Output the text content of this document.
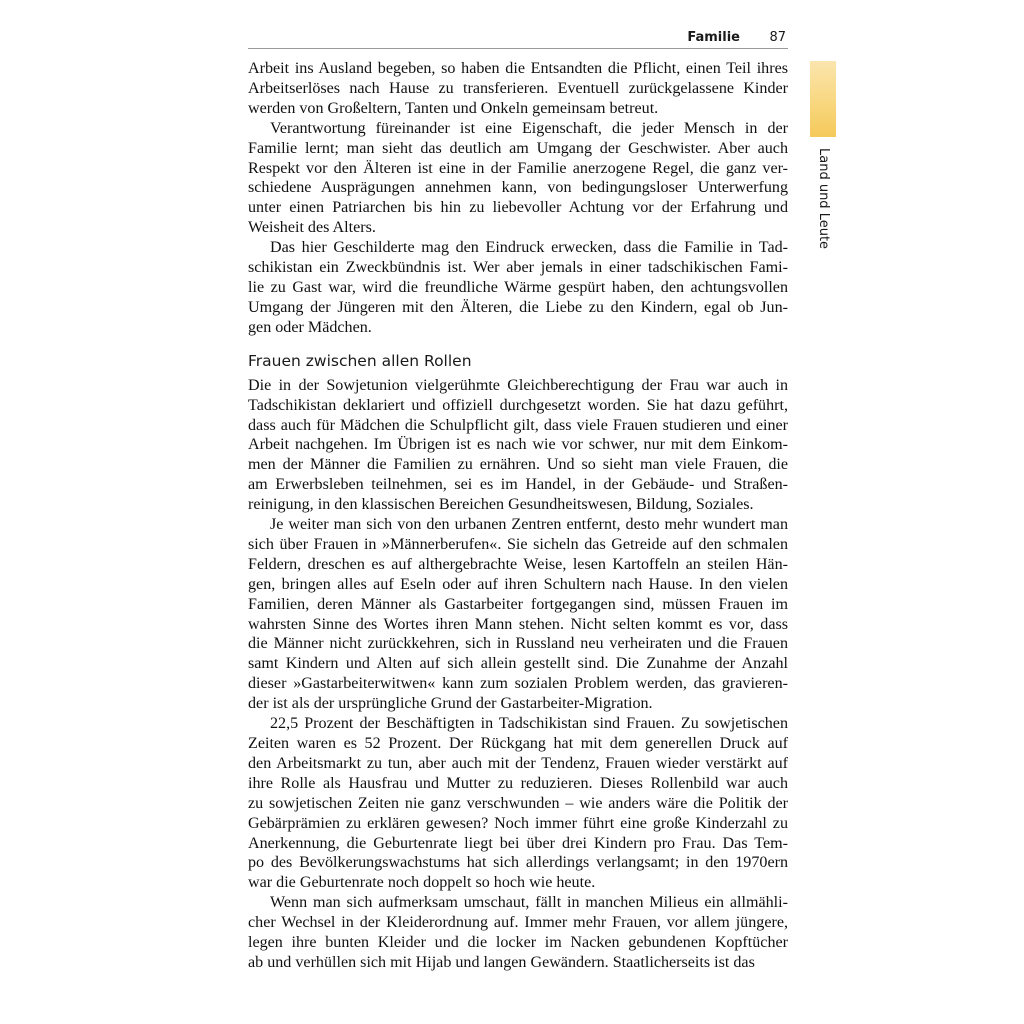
Familie 87
Land und Leute
Arbeit ins Ausland begeben, so haben die Entsandten die Pflicht, einen Teil ihres
Arbeitserlöses nach Hause zu transferieren. Eventuell zurückgelassene Kinder
werden von Großeltern, Tanten und Onkeln gemeinsam betreut.
Verantwortung füreinander ist eine Eigenschaft, die jeder Mensch in der
Familie lernt; man sieht das deutlich am Umgang der Geschwister. Aber auch
Respekt vor den Älteren ist eine in der Familie anerzogene Regel, die ganz ver-
schiedene Ausprägungen annehmen kann, von bedingungsloser Unterwerfung
unter einen Patriarchen bis hin zu liebevoller Achtung vor der Erfahrung und
Weisheit des Alters.
Das hier Geschilderte mag den Eindruck erwecken, dass die Familie in Tad-
schikistan ein Zweckbündnis ist. Wer aber jemals in einer tadschikischen Fami-
lie zu Gast war, wird die freundliche Wärme gespürt haben, den achtungsvollen
Umgang der Jüngeren mit den Älteren, die Liebe zu den Kindern, egal ob Jun-
gen oder Mädchen.
Frauen zwischen allen Rollen
Die in der Sowjetunion vielgerühmte Gleichberechtigung der Frau war auch in
Tadschikistan deklariert und offiziell durchgesetzt worden. Sie hat dazu geführt,
dass auch für Mädchen die Schulpflicht gilt, dass viele Frauen studieren und einer
Arbeit nachgehen. Im Übrigen ist es nach wie vor schwer, nur mit dem Einkom-
men der Männer die Familien zu ernähren. Und so sieht man viele Frauen, die
am Erwerbsleben teilnehmen, sei es im Handel, in der Gebäude- und Straßen-
reinigung, in den klassischen Bereichen Gesundheitswesen, Bildung, Soziales.
Je weiter man sich von den urbanen Zentren entfernt, desto mehr wundert man
sich über Frauen in »Männerberufen«. Sie sicheln das Getreide auf den schmalen
Feldern, dreschen es auf althergebrachte Weise, lesen Kartoffeln an steilen Hän-
gen, bringen alles auf Eseln oder auf ihren Schultern nach Hause. In den vielen
Familien, deren Männer als Gastarbeiter fortgegangen sind, müssen Frauen im
wahrsten Sinne des Wortes ihren Mann stehen. Nicht selten kommt es vor, dass
die Männer nicht zurückkehren, sich in Russland neu verheiraten und die Frauen
samt Kindern und Alten auf sich allein gestellt sind. Die Zunahme der Anzahl
dieser »Gastarbeiterwitwen« kann zum sozialen Problem werden, das gravieren-
der ist als der ursprüngliche Grund der Gastarbeiter-Migration.
22,5 Prozent der Beschäftigten in Tadschikistan sind Frauen. Zu sowjetischen
Zeiten waren es 52 Prozent. Der Rückgang hat mit dem generellen Druck auf
den Arbeitsmarkt zu tun, aber auch mit der Tendenz, Frauen wieder verstärkt auf
ihre Rolle als Hausfrau und Mutter zu reduzieren. Dieses Rollenbild war auch
zu sowjetischen Zeiten nie ganz verschwunden – wie anders wäre die Politik der
Gebärprämien zu erklären gewesen? Noch immer führt eine große Kinderzahl zu
Anerkennung, die Geburtenrate liegt bei über drei Kindern pro Frau. Das Tem-
po des Bevölkerungswachstums hat sich allerdings verlangsamt; in den 1970ern
war die Geburtenrate noch doppelt so hoch wie heute.
Wenn man sich aufmerksam umschaut, fällt in manchen Milieus ein allmähli-
cher Wechsel in der Kleiderordnung auf. Immer mehr Frauen, vor allem jüngere,
legen ihre bunten Kleider und die locker im Nacken gebundenen Kopftücher
ab und verhüllen sich mit Hijab und langen Gewändern. Staatlicherseits ist das
